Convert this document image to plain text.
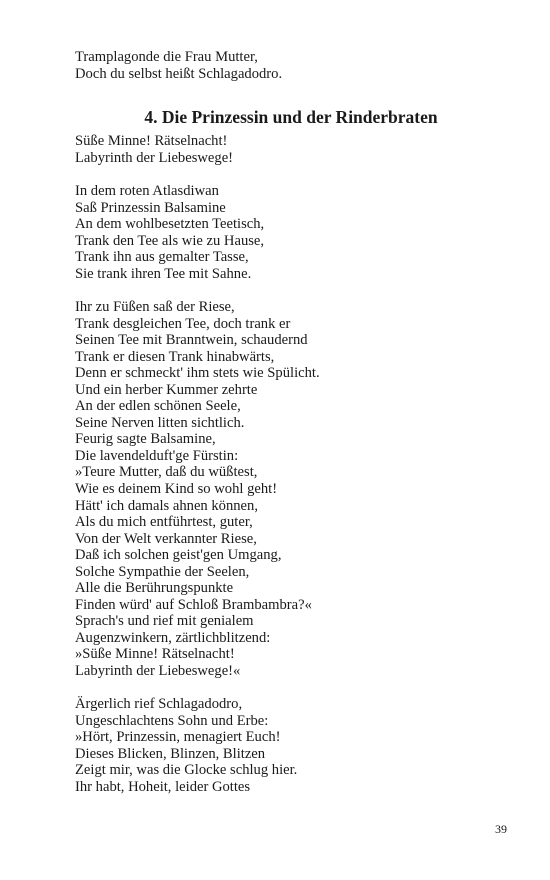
Tramplagonde die Frau Mutter,
Doch du selbst heißt Schlagadodro.
4. Die Prinzessin und der Rinderbraten
Süße Minne! Rätselnacht!
Labyrinth der Liebeswege!
In dem roten Atlasdiwan
Saß Prinzessin Balsamine
An dem wohlbesetzten Teetisch,
Trank den Tee als wie zu Hause,
Trank ihn aus gemalter Tasse,
Sie trank ihren Tee mit Sahne.
Ihr zu Füßen saß der Riese,
Trank desgleichen Tee, doch trank er
Seinen Tee mit Branntwein, schaudernd
Trank er diesen Trank hinabwärts,
Denn er schmeckt' ihm stets wie Spülicht.
Und ein herber Kummer zehrte
An der edlen schönen Seele,
Seine Nerven litten sichtlich.
Feurig sagte Balsamine,
Die lavendelduft'ge Fürstin:
»Teure Mutter, daß du wüßtest,
Wie es deinem Kind so wohl geht!
Hätt' ich damals ahnen können,
Als du mich entführtest, guter,
Von der Welt verkannter Riese,
Daß ich solchen geist'gen Umgang,
Solche Sympathie der Seelen,
Alle die Berührungspunkte
Finden würd' auf Schloß Brambambra?«
Sprach's und rief mit genialem
Augenzwinkern, zärtlichblitzend:
»Süße Minne! Rätselnacht!
Labyrinth der Liebeswege!«
Ärgerlich rief Schlagadodro,
Ungeschlachtens Sohn und Erbe:
»Hört, Prinzessin, menagiert Euch!
Dieses Blicken, Blinzen, Blitzen
Zeigt mir, was die Glocke schlug hier.
Ihr habt, Hoheit, leider Gottes
39
